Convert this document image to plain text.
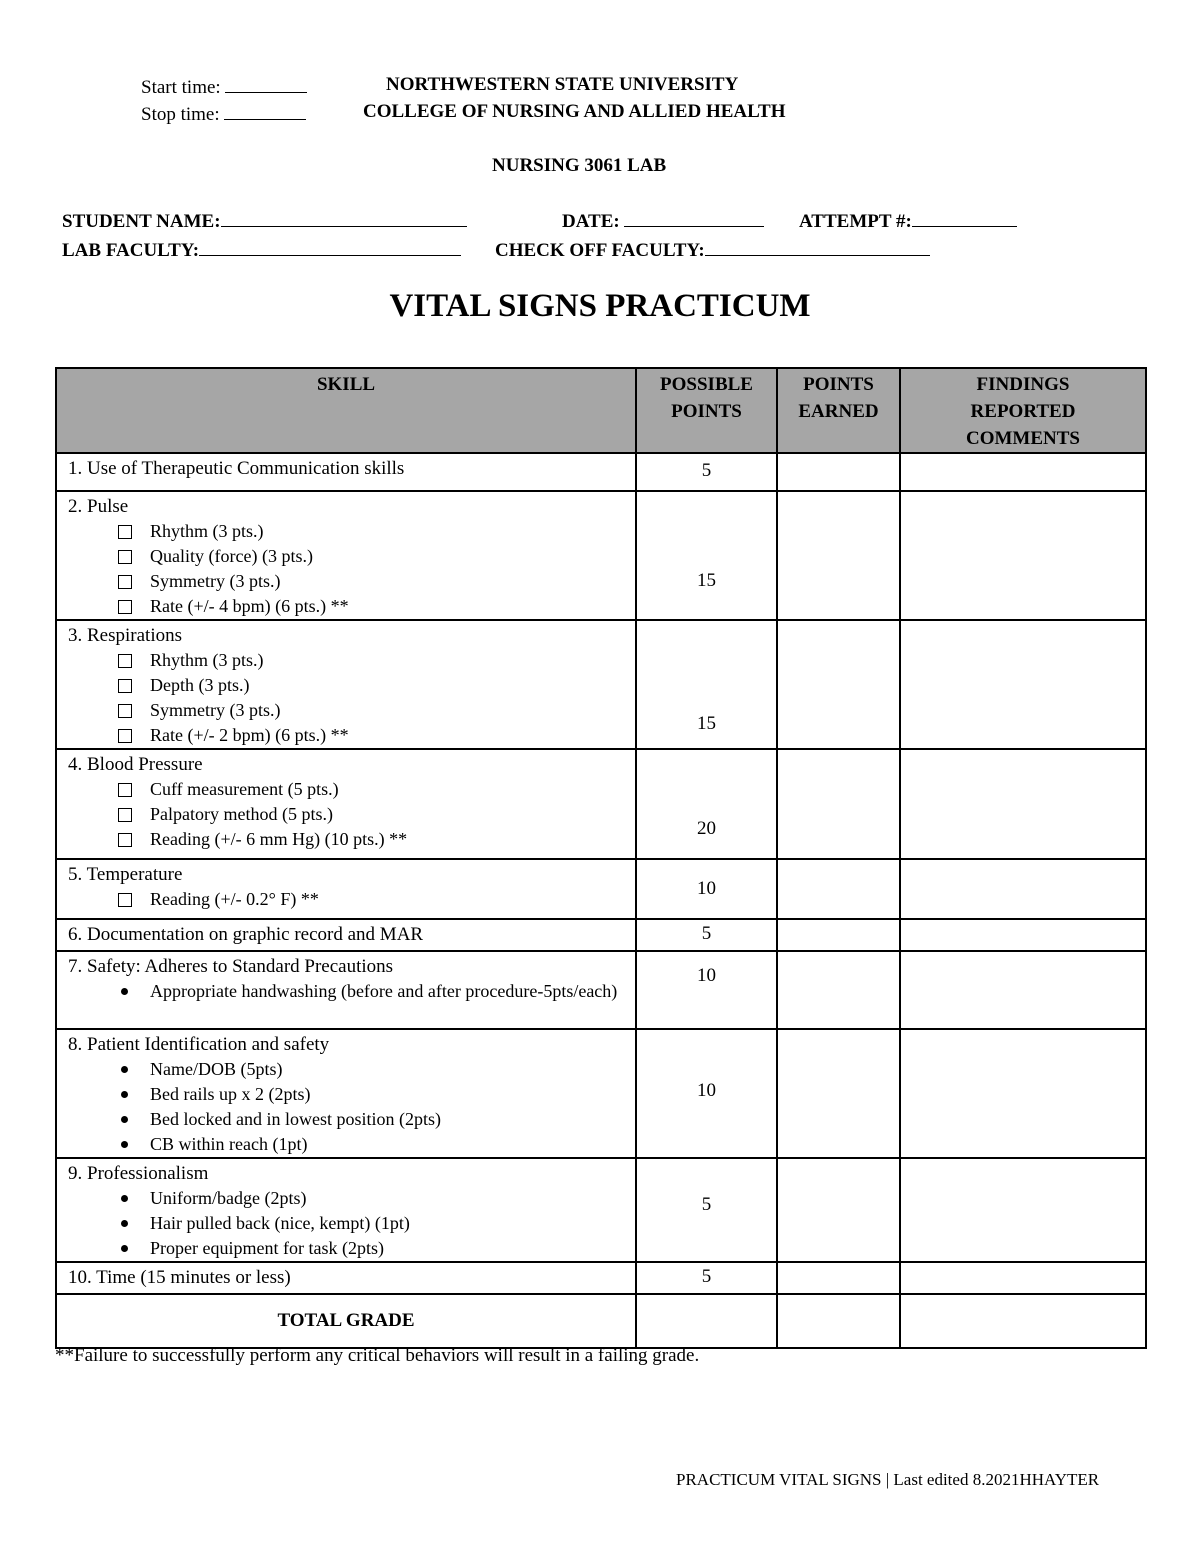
Start time:
Stop time:
NORTHWESTERN STATE UNIVERSITY
COLLEGE OF NURSING AND ALLIED HEALTH
NURSING 3061 LAB
STUDENT NAME:	DATE:	ATTEMPT #:
LAB FACULTY:	CHECK OFF FACULTY:
VITAL SIGNS PRACTICUM
SKILL	POSSIBLE POINTS	POINTS EARNED	FINDINGS REPORTED COMMENTS

1. Use of Therapeutic Communication skills	5		

2. Pulse
Rhythm (3 pts.)
Quality (force) (3 pts.)
Symmetry (3 pts.)
Rate (+/- 4 bpm) (6 pts.) **	15		

3. Respirations
Rhythm (3 pts.)
Depth (3 pts.)
Symmetry (3 pts.)
Rate (+/- 2 bpm) (6 pts.) **	15		

4. Blood Pressure
Cuff measurement (5 pts.)
Palpatory method (5 pts.)
Reading (+/- 6 mm Hg) (10 pts.) **	20		

5. Temperature
Reading (+/- 0.2° F) **	10		

6. Documentation on graphic record and MAR	5		

7. Safety: Adheres to Standard Precautions
Appropriate handwashing (before and after procedure-5pts/each)	10		

8. Patient Identification and safety
Name/DOB (5pts)
Bed rails up x 2 (2pts)
Bed locked and in lowest position (2pts)
CB within reach (1pt)	10		

9. Professionalism
Uniform/badge (2pts)
Hair pulled back (nice, kempt) (1pt)
Proper equipment for task (2pts)	5		

10. Time (15 minutes or less)	5		

TOTAL GRADE			
**Failure to successfully perform any critical behaviors will result in a failing grade.
PRACTICUM VITAL SIGNS | Last edited 8.2021HHAYTER
